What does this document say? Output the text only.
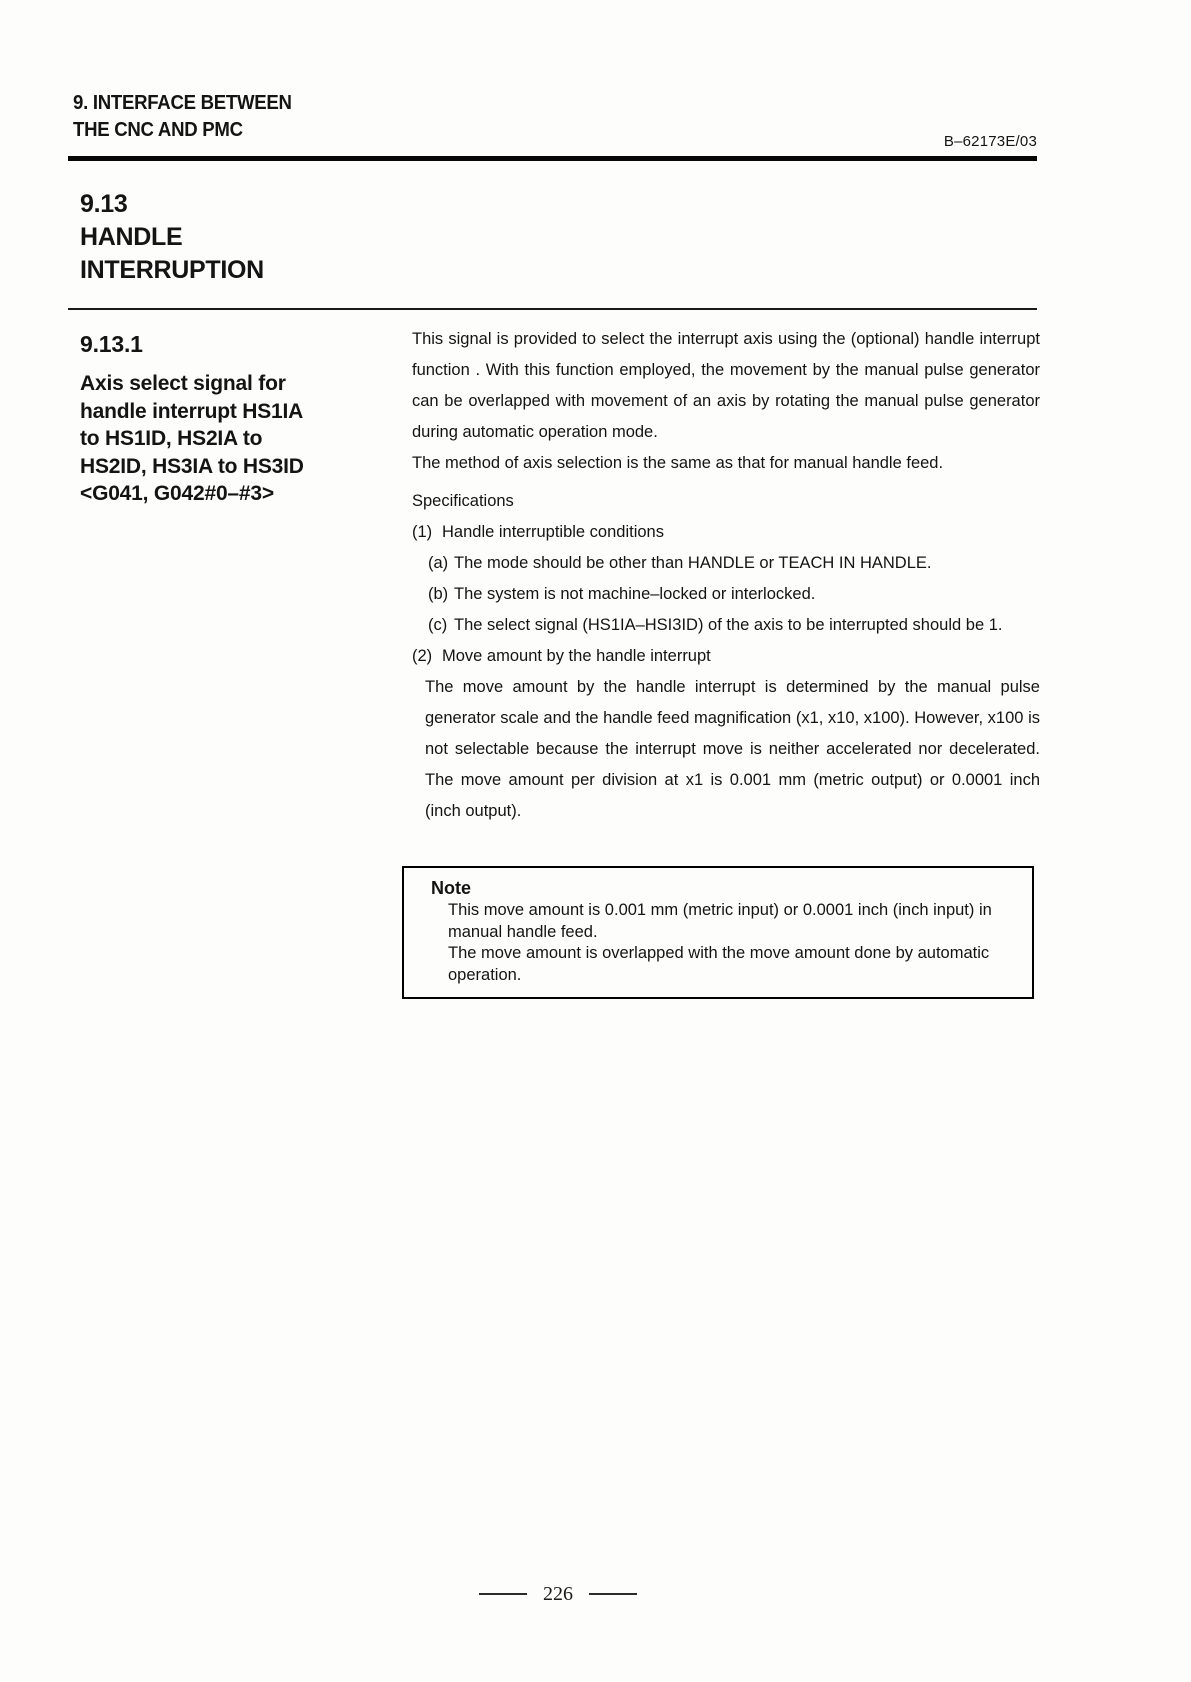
9. INTERFACE BETWEEN
THE CNC AND PMC
B–62173E/03
9.13
HANDLE
INTERRUPTION
9.13.1
Axis select signal for
handle interrupt HS1IA
to HS1ID, HS2IA to
HS2ID, HS3IA to HS3ID
<G041, G042#0–#3>
This signal is provided to select the interrupt axis using the (optional) handle interrupt function . With this function employed, the movement by the manual pulse generator can be overlapped with movement of an axis by rotating the manual pulse generator during automatic operation mode.
The method of axis selection is the same as that for manual handle feed.
Specifications
(1) Handle interruptible conditions
(a) The mode should be other than HANDLE or TEACH IN HANDLE.
(b) The system is not machine–locked or interlocked.
(c) The select signal (HS1IA–HSI3ID) of the axis to be interrupted should be 1.
(2) Move amount by the handle interrupt
The move amount by the handle interrupt is determined by the manual pulse generator scale and the handle feed magnification (x1, x10, x100). However, x100 is not selectable because the interrupt move is neither accelerated nor decelerated. The move amount per division at x1 is 0.001 mm (metric output) or 0.0001 inch (inch output).
Note
This move amount is 0.001 mm (metric input) or 0.0001 inch (inch input) in manual handle feed.
The move amount is overlapped with the move amount done by automatic operation.
226
